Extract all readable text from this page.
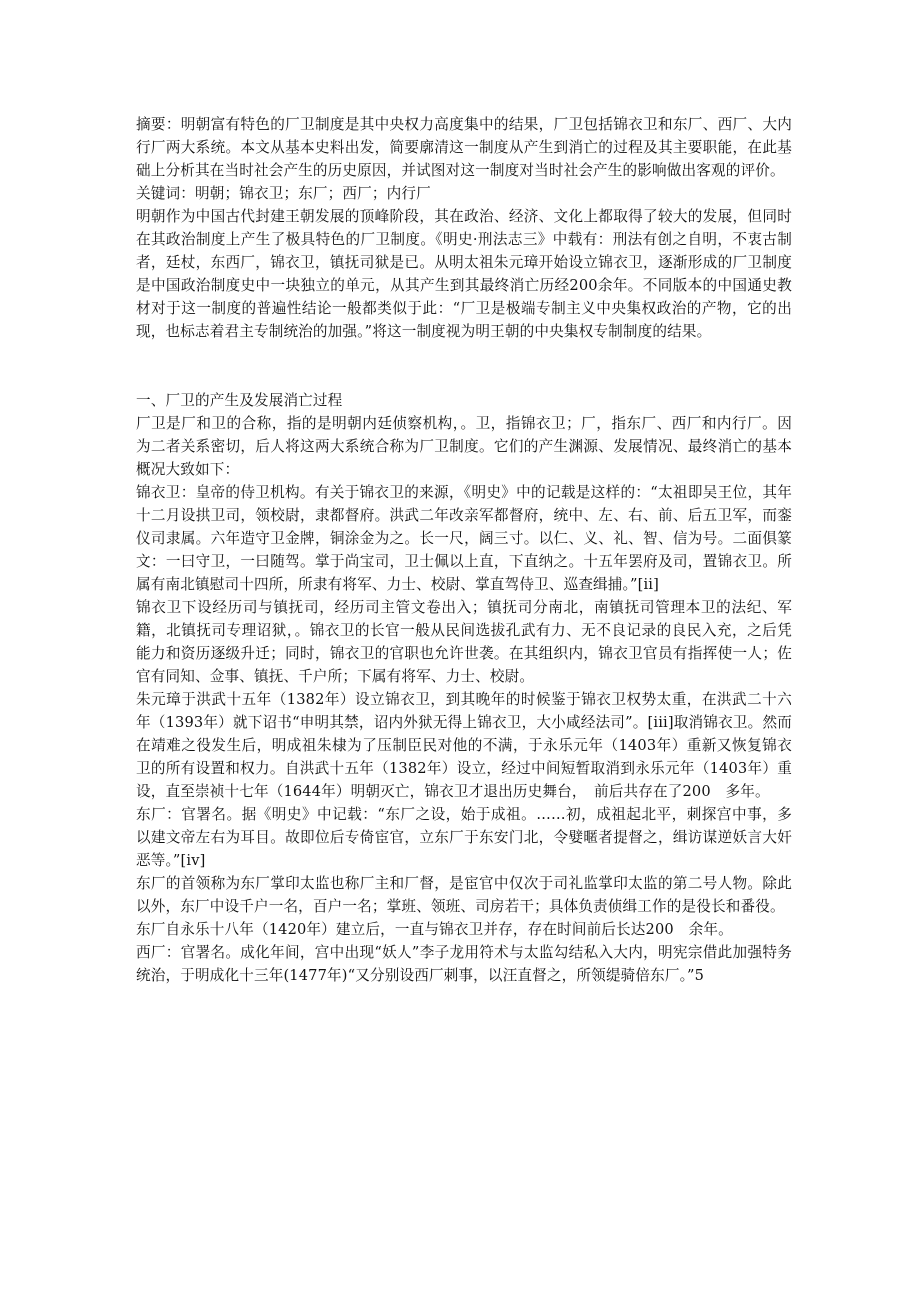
摘要：明朝富有特色的厂卫制度是其中央权力高度集中的结果，厂卫包括锦衣卫和东厂、西厂、大内行厂两大系统。本文从基本史料出发，简要廓清这一制度从产生到消亡的过程及其主要职能，在此基础上分析其在当时社会产生的历史原因，并试图对这一制度对当时社会产生的影响做出客观的评价。

关键词：明朝；锦衣卫；东厂；西厂；内行厂

明朝作为中国古代封建王朝发展的顶峰阶段，其在政治、经济、文化上都取得了较大的发展，但同时在其政治制度上产生了极具特色的厂卫制度。《明史·刑法志三》中载有：刑法有创之自明，不衷古制者，廷杖，东西厂，锦衣卫，镇抚司狱是已。从明太祖朱元璋开始设立锦衣卫，逐渐形成的厂卫制度是中国政治制度史中一块独立的单元，从其产生到其最终消亡历经200余年。不同版本的中国通史教材对于这一制度的普遍性结论一般都类似于此：“厂卫是极端专制主义中央集权政治的产物，它的出现，也标志着君主专制统治的加强。”将这一制度视为明王朝的中央集权专制制度的结果。

一、厂卫的产生及发展消亡过程

厂卫是厂和卫的合称，指的是明朝内廷侦察机构，。卫，指锦衣卫；厂，指东厂、西厂和内行厂。因为二者关系密切，后人将这两大系统合称为厂卫制度。它们的产生渊源、发展情况、最终消亡的基本概况大致如下：

锦衣卫：皇帝的侍卫机构。有关于锦衣卫的来源，《明史》中的记载是这样的：“太祖即吴王位，其年十二月设拱卫司，领校尉，隶都督府。洪武二年改亲军都督府，统中、左、右、前、后五卫军，而銮仪司隶属。六年造守卫金牌，铜涂金为之。长一尺，阔三寸。以仁、义、礼、智、信为号。二面俱篆文：一曰守卫，一曰随驾。掌于尚宝司，卫士佩以上直，下直纳之。十五年罢府及司，置锦衣卫。所属有南北镇慰司十四所，所隶有将军、力士、校尉、掌直驾侍卫、巡查缉捕。”[ii]

锦衣卫下设经历司与镇抚司，经历司主管文卷出入；镇抚司分南北，南镇抚司管理本卫的法纪、军籍，北镇抚司专理诏狱，。锦衣卫的长官一般从民间选拔孔武有力、无不良记录的良民入充，之后凭能力和资历逐级升迁；同时，锦衣卫的官职也允许世袭。在其组织内，锦衣卫官员有指挥使一人；佐官有同知、佥事、镇抚、千户所；下属有将军、力士、校尉。

朱元璋于洪武十五年（1382年）设立锦衣卫，到其晚年的时候鉴于锦衣卫权势太重，在洪武二十六年（1393年）就下诏书“申明其禁，诏内外狱无得上锦衣卫，大小咸经法司”。[iii]取消锦衣卫。然而在靖难之役发生后，明成祖朱棣为了压制臣民对他的不满，于永乐元年（1403年）重新又恢复锦衣卫的所有设置和权力。自洪武十五年（1382年）设立，经过中间短暂取消到永乐元年（1403年）重设，直至崇祯十七年（1644年）明朝灭亡，锦衣卫才退出历史舞台，　前后共存在了200　多年。

东厂：官署名。据《明史》中记载：“东厂之设，始于成祖。……初，成祖起北平，刺探宫中事，多以建文帝左右为耳目。故即位后专倚宦官，立东厂于东安门北，令嬖暱者提督之，缉访谋逆妖言大奸恶等。”[iv]

东厂的首领称为东厂掌印太监也称厂主和厂督，是宦官中仅次于司礼监掌印太监的第二号人物。除此以外，东厂中设千户一名，百户一名；掌班、领班、司房若干；具体负责侦缉工作的是役长和番役。

东厂自永乐十八年（1420年）建立后，一直与锦衣卫并存，存在时间前后长达200　余年。

西厂：官署名。成化年间，宫中出现“妖人”李子龙用符术与太监勾结私入大内，明宪宗借此加强特务统治，于明成化十三年(1477年)“又分别设西厂刺事，以汪直督之，所领缇骑倍东厂。”5
